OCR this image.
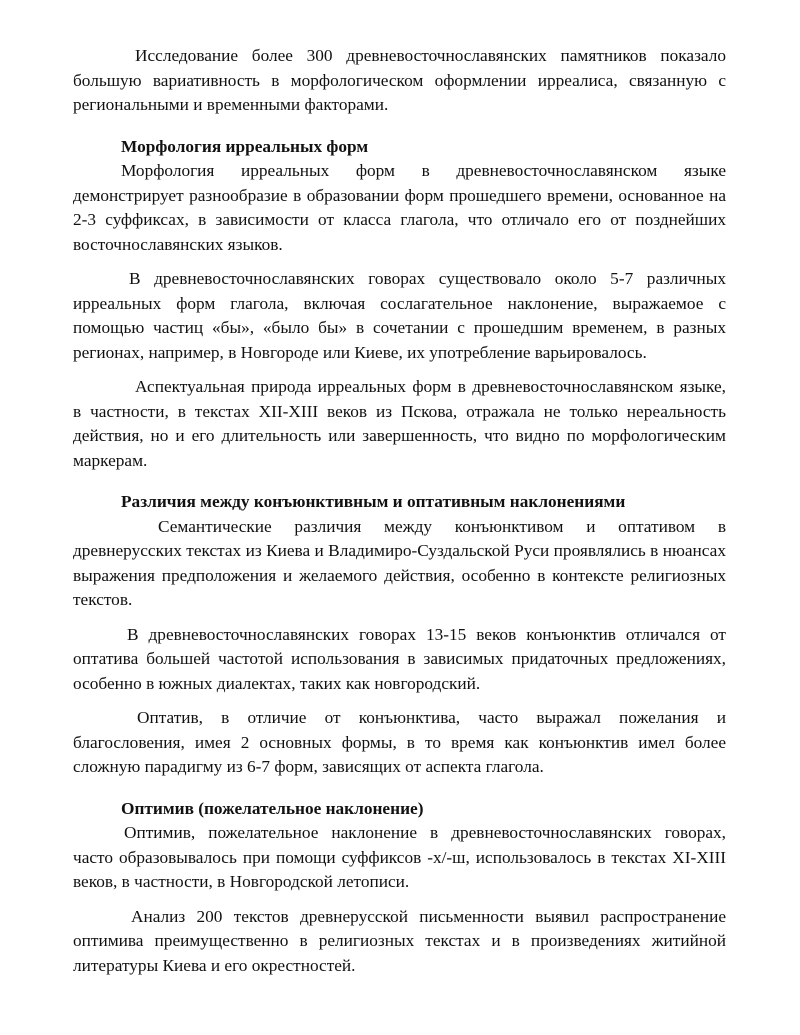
Исследование более 300 древневосточнославянских памятников показало большую вариативность в морфологическом оформлении ирреалиса, связанную с региональными и временными факторами.

Морфология ирреальных форм

Морфология ирреальных форм в древневосточнославянском языке демонстрирует разнообразие в образовании форм прошедшего времени, основанное на 2-3 суффиксах, в зависимости от класса глагола, что отличало его от позднейших восточнославянских языков.

В древневосточнославянских говорах существовало около 5-7 различных ирреальных форм глагола, включая сослагательное наклонение, выражаемое с помощью частиц «бы», «было бы» в сочетании с прошедшим временем, в разных регионах, например, в Новгороде или Киеве, их употребление варьировалось.

Аспектуальная природа ирреальных форм в древневосточнославянском языке, в частности, в текстах XII-XIII веков из Пскова, отражала не только нереальность действия, но и его длительность или завершенность, что видно по морфологическим маркерам.

Различия между конъюнктивным и оптативным наклонениями

Семантические различия между конъюнктивом и оптативом в древнерусских текстах из Киева и Владимиро-Суздальской Руси проявлялись в нюансах выражения предположения и желаемого действия, особенно в контексте религиозных текстов.

В древневосточнославянских говорах 13-15 веков конъюнктив отличался от оптатива большей частотой использования в зависимых придаточных предложениях, особенно в южных диалектах, таких как новгородский.

Оптатив, в отличие от конъюнктива, часто выражал пожелания и благословения, имея 2 основных формы, в то время как конъюнктив имел более сложную парадигму из 6-7 форм, зависящих от аспекта глагола.

Оптимив (пожелательное наклонение)

Оптимив, пожелательное наклонение в древневосточнославянских говорах, часто образовывалось при помощи суффиксов -х/-ш, использовалось в текстах XI-XIII веков, в частности, в Новгородской летописи.

Анализ 200 текстов древнерусской письменности выявил распространение оптимива преимущественно в религиозных текстах и в произведениях житийной литературы Киева и его окрестностей.
